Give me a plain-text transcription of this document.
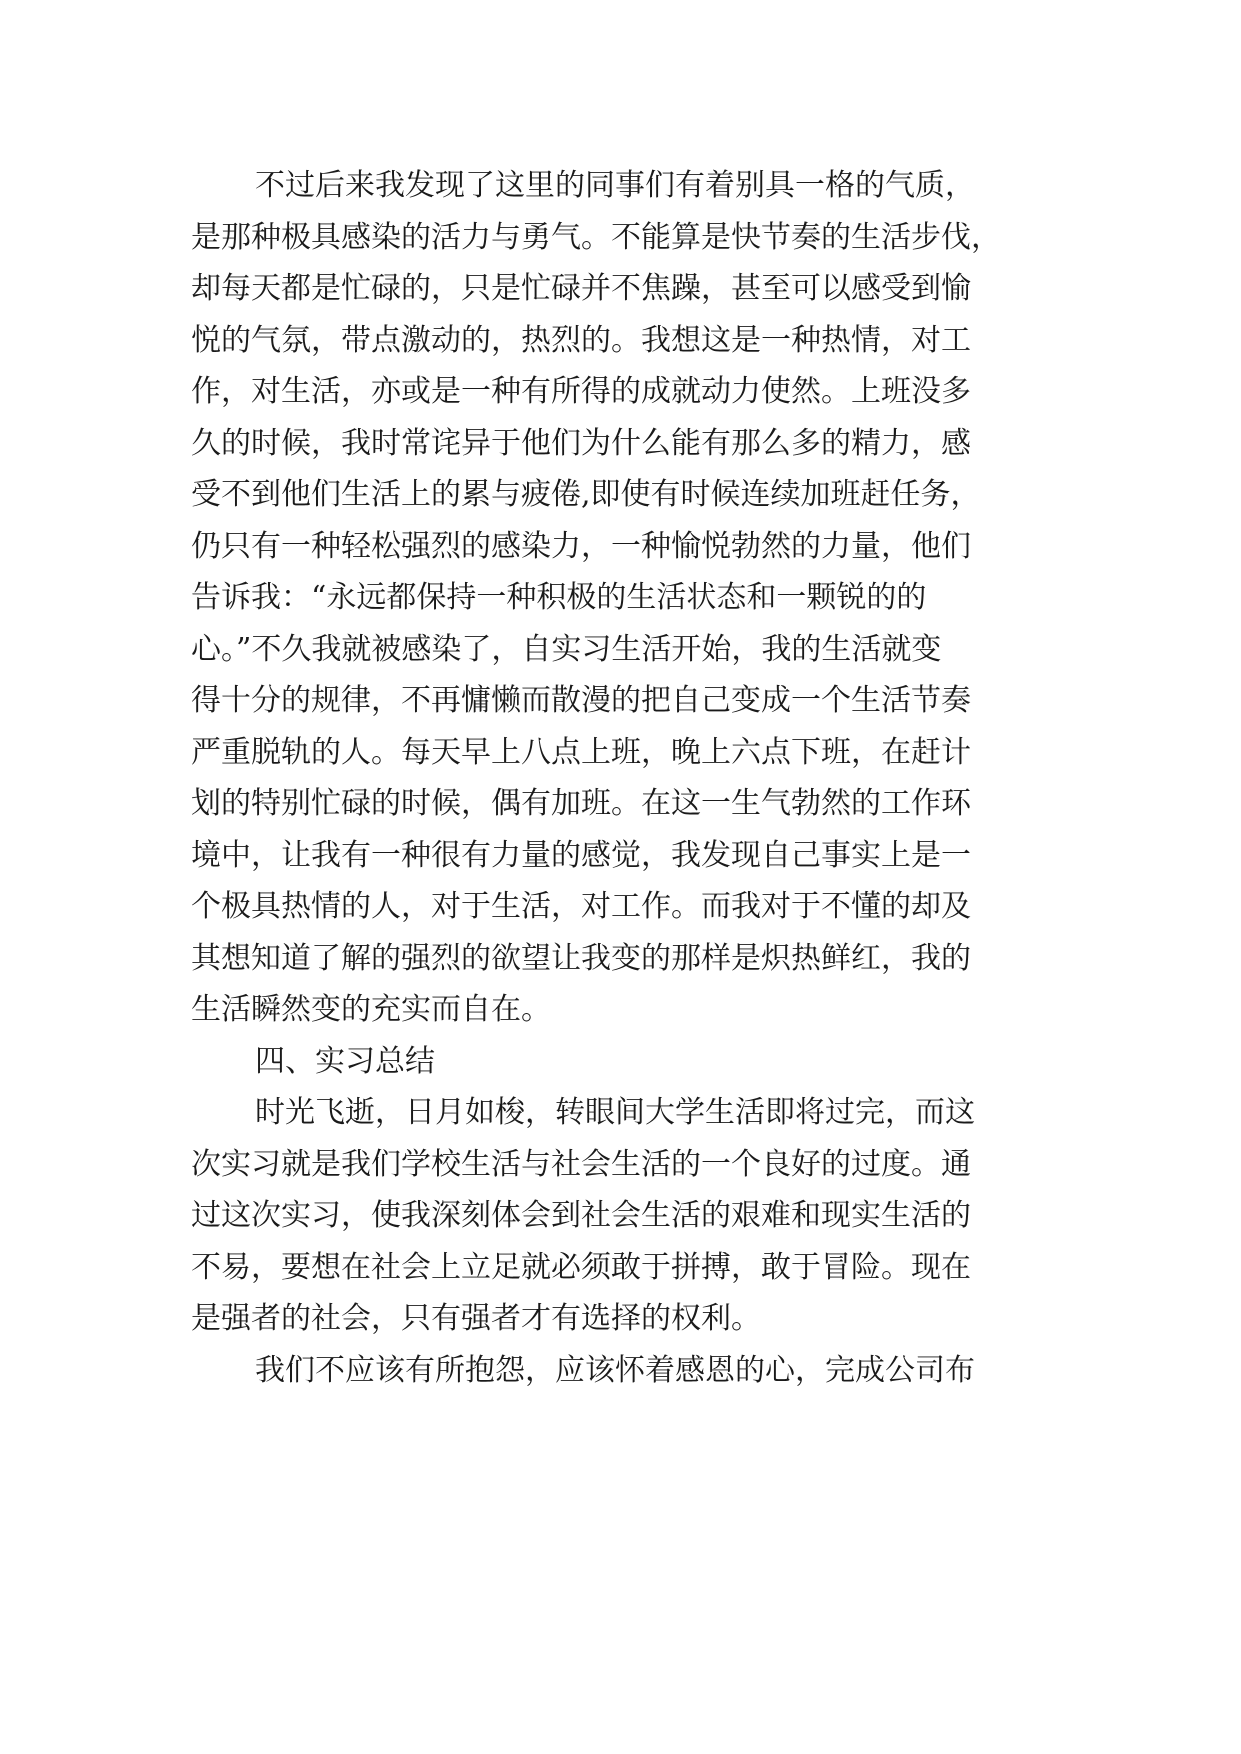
不过后来我发现了这里的同事们有着别具一格的气质，
是那种极具感染的活力与勇气。不能算是快节奏的生活步伐，
却每天都是忙碌的，只是忙碌并不焦躁，甚至可以感受到愉
悦的气氛，带点激动的，热烈的。我想这是一种热情，对工
作，对生活，亦或是一种有所得的成就动力使然。上班没多
久的时候，我时常诧异于他们为什么能有那么多的精力，感
受不到他们生活上的累与疲倦,即使有时候连续加班赶任务，
仍只有一种轻松强烈的感染力，一种愉悦勃然的力量，他们
告诉我：“永远都保持一种积极的生活状态和一颗锐的的
心。”不久我就被感染了，自实习生活开始，我的生活就变
得十分的规律，不再慵懒而散漫的把自己变成一个生活节奏
严重脱轨的人。每天早上八点上班，晚上六点下班，在赶计
划的特别忙碌的时候，偶有加班。在这一生气勃然的工作环
境中，让我有一种很有力量的感觉，我发现自己事实上是一
个极具热情的人，对于生活，对工作。而我对于不懂的却及
其想知道了解的强烈的欲望让我变的那样是炽热鲜红，我的
生活瞬然变的充实而自在。
四、实习总结
时光飞逝，日月如梭，转眼间大学生活即将过完，而这
次实习就是我们学校生活与社会生活的一个良好的过度。通
过这次实习，使我深刻体会到社会生活的艰难和现实生活的
不易，要想在社会上立足就必须敢于拼搏，敢于冒险。现在
是强者的社会，只有强者才有选择的权利。
我们不应该有所抱怨，应该怀着感恩的心，完成公司布
